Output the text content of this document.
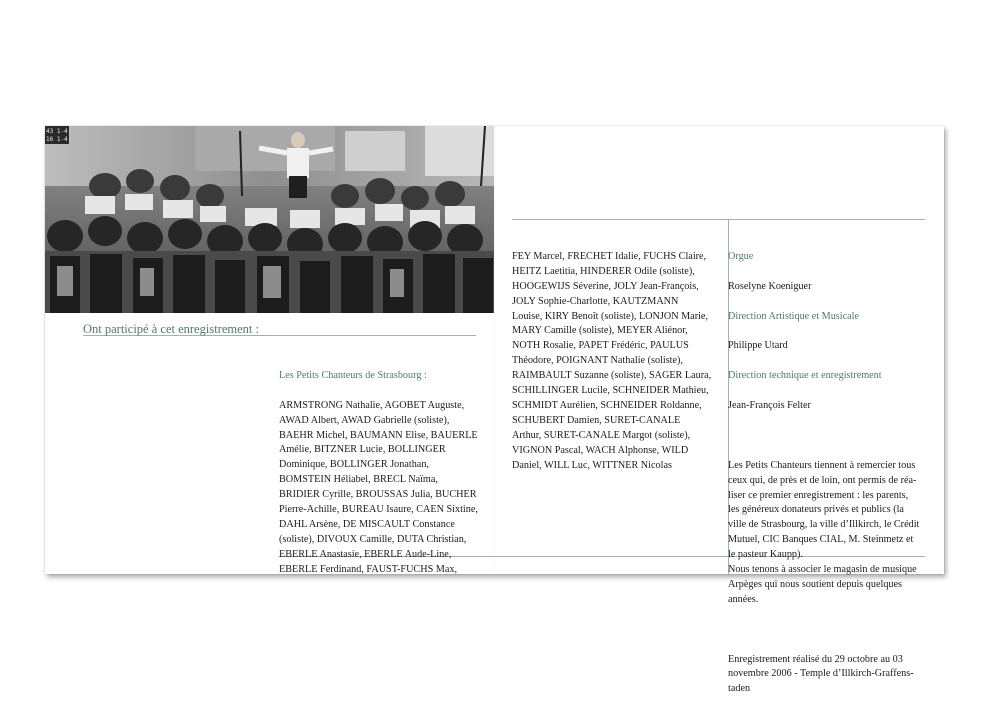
43 1-4
16 1-4
Ont participé à cet enregistrement :

Les Petits Chanteurs de Strasbourg :

ARMSTRONG Nathalie, AGOBET Auguste,
AWAD Albert, AWAD Gabrielle (soliste),
BAEHR Michel, BAUMANN Elise, BAUERLE
Amélie, BITZNER Lucie, BOLLINGER
Dominique, BOLLINGER Jonathan,
BOMSTEIN Héliabel, BRECL Naïma,
BRIDIER Cyrille, BROUSSAS Julia, BUCHER
Pierre-Achille, BUREAU Isaure, CAEN Sixtine,
DAHL Arsène, DE MISCAULT Constance
(soliste), DIVOUX Camille, DUTA Christian,
EBERLE Anastasie, EBERLE Aude-Line,
EBERLE Ferdinand, FAUST-FUCHS Max,

FEY Marcel, FRECHET Idalie, FUCHS Claire,
HEITZ Laetitia, HINDERER Odile (soliste),
HOOGEWIJS Séverine, JOLY Jean-François,
JOLY Sophie-Charlotte, KAUTZMANN
Louise, KIRY Benoît (soliste), LONJON Marie,
MARY Camille (soliste), MEYER Aliénor,
NOTH Rosalie, PAPET Frédéric, PAULUS
Théodore, POIGNANT Nathalie (soliste),
RAIMBAULT Suzanne (soliste), SAGER Laura,
SCHILLINGER Lucile, SCHNEIDER Mathieu,
SCHMIDT Aurélien, SCHNEIDER Roldanne,
SCHUBERT Damien, SURET-CANALE
Arthur, SURET-CANALE Margot (soliste),
VIGNON Pascal, WACH Alphonse, WILD
Daniel, WILL Luc, WITTNER Nicolas

Orgue

Roselyne Koeniguer

Direction Artistique et Musicale

Philippe Utard

Direction technique et enregistrement

Jean-François Felter

Les Petits Chanteurs tiennent à remercier tous
ceux qui, de près et de loin, ont permis de réa-
liser ce premier enregistrement : les parents,
les généreux donateurs privés et publics (la
ville de Strasbourg, la ville d’Illkirch, le Crédit
Mutuel, CIC Banques CIAL, M. Steinmetz et
le pasteur Kaupp).
Nous tenons à associer le magasin de musique
Arpèges qui nous soutient depuis quelques
années.

Enregistrement réalisé du 29 octobre au 03
novembre 2006 - Temple d’Illkirch-Graffens-
taden
